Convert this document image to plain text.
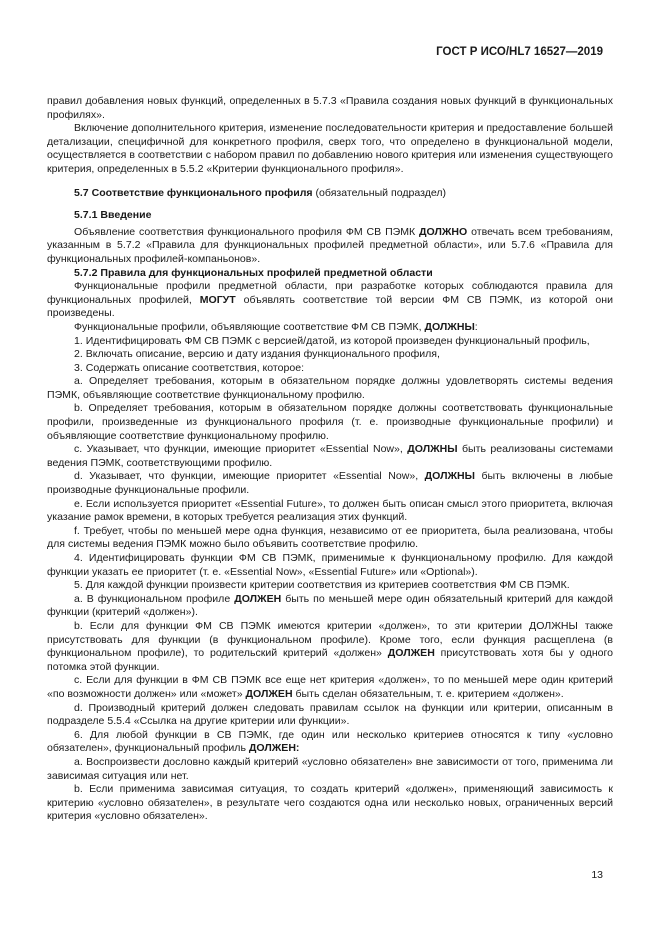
ГОСТ Р ИСО/HL7 16527—2019

правил добавления новых функций, определенных в 5.7.3 «Правила создания новых функций в функциональных профилях».

Включение дополнительного критерия, изменение последовательности критерия и предоставление большей детализации, специфичной для конкретного профиля, сверх того, что определено в функциональной модели, осуществляется в соответствии с набором правил по добавлению нового критерия или изменения существующего критерия, определенных в 5.5.2 «Критерии функционального профиля».

5.7 Соответствие функционального профиля (обязательный подраздел)

5.7.1 Введение

Объявление соответствия функционального профиля ФМ СВ ПЭМК ДОЛЖНО отвечать всем требованиям, указанным в 5.7.2 «Правила для функциональных профилей предметной области», или 5.7.6 «Правила для функциональных профилей-компаньонов».

5.7.2 Правила для функциональных профилей предметной области

Функциональные профили предметной области, при разработке которых соблюдаются правила для функциональных профилей, МОГУТ объявлять соответствие той версии ФМ СВ ПЭМК, из которой они произведены.

Функциональные профили, объявляющие соответствие ФМ СВ ПЭМК, ДОЛЖНЫ:

1. Идентифицировать ФМ СВ ПЭМК с версией/датой, из которой произведен функциональный профиль,

2. Включать описание, версию и дату издания функционального профиля,

3. Содержать описание соответствия, которое:

a. Определяет требования, которым в обязательном порядке должны удовлетворять системы ведения ПЭМК, объявляющие соответствие функциональному профилю.

b. Определяет требования, которым в обязательном порядке должны соответствовать функциональные профили, произведенные из функционального профиля (т. е. производные функциональные профили) и объявляющие соответствие функциональному профилю.

c. Указывает, что функции, имеющие приоритет «Essential Now», ДОЛЖНЫ быть реализованы системами ведения ПЭМК, соответствующими профилю.

d. Указывает, что функции, имеющие приоритет «Essential Now», ДОЛЖНЫ быть включены в любые производные функциональные профили.

e. Если используется приоритет «Essential Future», то должен быть описан смысл этого приоритета, включая указание рамок времени, в которых требуется реализация этих функций.

f. Требует, чтобы по меньшей мере одна функция, независимо от ее приоритета, была реализована, чтобы для системы ведения ПЭМК можно было объявить соответствие профилю.

4. Идентифицировать функции ФМ СВ ПЭМК, применимые к функциональному профилю. Для каждой функции указать ее приоритет (т. е. «Essential Now», «Essential Future» или «Optional»).

5. Для каждой функции произвести критерии соответствия из критериев соответствия ФМ СВ ПЭМК.

a. В функциональном профиле ДОЛЖЕН быть по меньшей мере один обязательный критерий для каждой функции (критерий «должен»).

b. Если для функции ФМ СВ ПЭМК имеются критерии «должен», то эти критерии ДОЛЖНЫ также присутствовать для функции (в функциональном профиле). Кроме того, если функция расщеплена (в функциональном профиле), то родительский критерий «должен» ДОЛЖЕН присутствовать хотя бы у одного потомка этой функции.

c. Если для функции в ФМ СВ ПЭМК все еще нет критерия «должен», то по меньшей мере один критерий «по возможности должен» или «может» ДОЛЖЕН быть сделан обязательным, т. е. критерием «должен».

d. Производный критерий должен следовать правилам ссылок на функции или критерии, описанным в подразделе 5.5.4 «Ссылка на другие критерии или функции».

6. Для любой функции в СВ ПЭМК, где один или несколько критериев относятся к типу «условно обязателен», функциональный профиль ДОЛЖЕН:

a. Воспроизвести дословно каждый критерий «условно обязателен» вне зависимости от того, применима ли зависимая ситуация или нет.

b. Если применима зависимая ситуация, то создать критерий «должен», применяющий зависимость к критерию «условно обязателен», в результате чего создаются одна или несколько новых, ограниченных версий критерия «условно обязателен».

13
